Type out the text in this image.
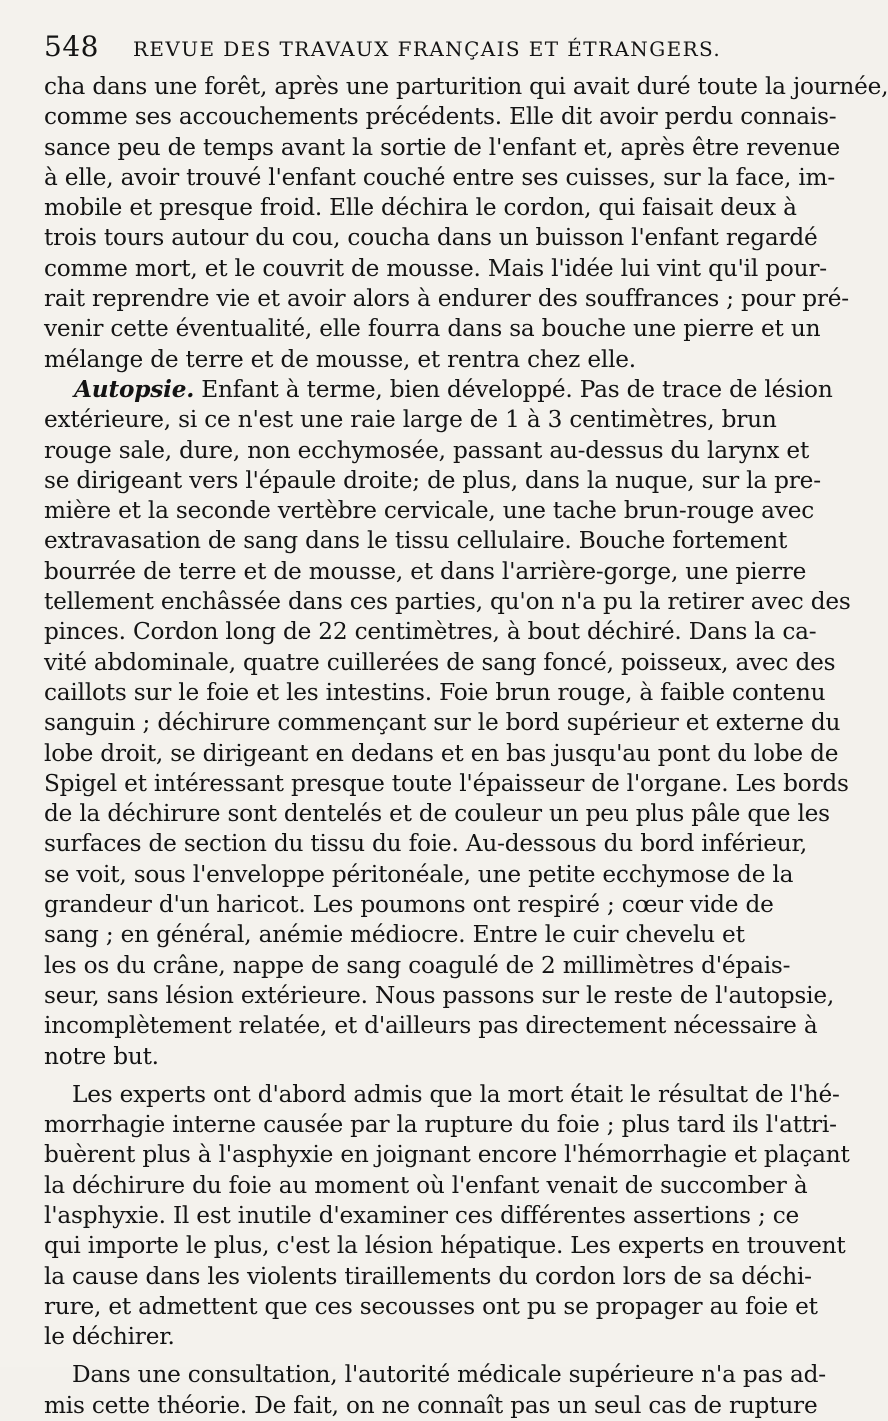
548 REVUE DES TRAVAUX FRANÇAIS ET ÉTRANGERS.
cha dans une forêt, après une parturition qui avait duré toute la journée,
comme ses accouchements précédents. Elle dit avoir perdu connais-
sance peu de temps avant la sortie de l'enfant et, après être revenue
à elle, avoir trouvé l'enfant couché entre ses cuisses, sur la face, im-
mobile et presque froid. Elle déchira le cordon, qui faisait deux à
trois tours autour du cou, coucha dans un buisson l'enfant regardé
comme mort, et le couvrit de mousse. Mais l'idée lui vint qu'il pour-
rait reprendre vie et avoir alors à endurer des souffrances ; pour pré-
venir cette éventualité, elle fourra dans sa bouche une pierre et un
mélange de terre et de mousse, et rentra chez elle.
Autopsie. Enfant à terme, bien développé. Pas de trace de lésion
extérieure, si ce n'est une raie large de 1 à 3 centimètres, brun
rouge sale, dure, non ecchymosée, passant au-dessus du larynx et
se dirigeant vers l'épaule droite; de plus, dans la nuque, sur la pre-
mière et la seconde vertèbre cervicale, une tache brun-rouge avec
extravasation de sang dans le tissu cellulaire. Bouche fortement
bourrée de terre et de mousse, et dans l'arrière-gorge, une pierre
tellement enchâssée dans ces parties, qu'on n'a pu la retirer avec des
pinces. Cordon long de 22 centimètres, à bout déchiré. Dans la ca-
vité abdominale, quatre cuillerées de sang foncé, poisseux, avec des
caillots sur le foie et les intestins. Foie brun rouge, à faible contenu
sanguin ; déchirure commençant sur le bord supérieur et externe du
lobe droit, se dirigeant en dedans et en bas jusqu'au pont du lobe de
Spigel et intéressant presque toute l'épaisseur de l'organe. Les bords
de la déchirure sont dentelés et de couleur un peu plus pâle que les
surfaces de section du tissu du foie. Au-dessous du bord inférieur,
se voit, sous l'enveloppe péritonéale, une petite ecchymose de la
grandeur d'un haricot. Les poumons ont respiré ; cœur vide de
sang ; en général, anémie médiocre. Entre le cuir chevelu et
les os du crâne, nappe de sang coagulé de 2 millimètres d'épais-
seur, sans lésion extérieure. Nous passons sur le reste de l'autopsie,
incomplètement relatée, et d'ailleurs pas directement nécessaire à
notre but.
Les experts ont d'abord admis que la mort était le résultat de l'hé-
morrhagie interne causée par la rupture du foie ; plus tard ils l'attri-
buèrent plus à l'asphyxie en joignant encore l'hémorrhagie et plaçant
la déchirure du foie au moment où l'enfant venait de succomber à
l'asphyxie. Il est inutile d'examiner ces différentes assertions ; ce
qui importe le plus, c'est la lésion hépatique. Les experts en trouvent
la cause dans les violents tiraillements du cordon lors de sa déchi-
rure, et admettent que ces secousses ont pu se propager au foie et
le déchirer.
Dans une consultation, l'autorité médicale supérieure n'a pas ad-
mis cette théorie. De fait, on ne connaît pas un seul cas de rupture
